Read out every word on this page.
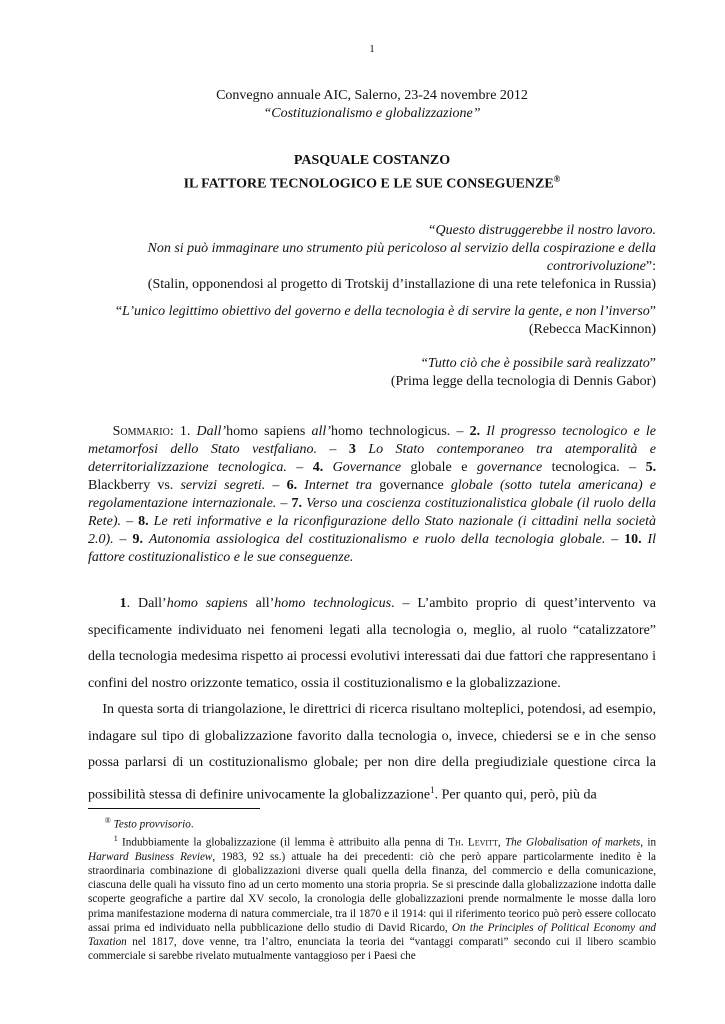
1
Convegno annuale AIC, Salerno, 23-24 novembre 2012
“Costituzionalismo e globalizzazione”
PASQUALE COSTANZO
IL FATTORE TECNOLOGICO E LE SUE CONSEGUENZE®
“Questo distruggerebbe il nostro lavoro.
Non si può immaginare uno strumento più pericoloso al servizio della cospirazione e della
controrivoluzione”:
(Stalin, opponendosi al progetto di Trotskij d’installazione di una rete telefonica in Russia)
“L’unico legittimo obiettivo del governo e della tecnologia è di servire la gente, e non l’inverso”
(Rebecca MacKinnon)
“Tutto ciò che è possibile sarà realizzato”
(Prima legge della tecnologia di Dennis Gabor)
Sommario: 1. Dall’homo sapiens all’homo technologicus. – 2. Il progresso tecnologico e le metamorfosi dello Stato vestfaliano. – 3 Lo Stato contemporaneo tra atemporalità e deterritorializzazione tecnologica. – 4. Governance globale e governance tecnologica. – 5. Blackberry vs. servizi segreti. – 6. Internet tra governance globale (sotto tutela americana) e regolamentazione internazionale. – 7. Verso una coscienza costituzionalistica globale (il ruolo della Rete). – 8. Le reti informative e la riconfigurazione dello Stato nazionale (i cittadini nella società 2.0). – 9. Autonomia assiologica del costituzionalismo e ruolo della tecnologia globale. – 10. Il fattore costituzionalistico e le sue conseguenze.

1. Dall’homo sapiens all’homo technologicus. – L’ambito proprio di quest’intervento va specificamente individuato nei fenomeni legati alla tecnologia o, meglio, al ruolo “catalizzatore” della tecnologia medesima rispetto ai processi evolutivi interessati dai due fattori che rappresentano i confini del nostro orizzonte tematico, ossia il costituzionalismo e la globalizzazione.

In questa sorta di triangolazione, le direttrici di ricerca risultano molteplici, potendosi, ad esempio, indagare sul tipo di globalizzazione favorito dalla tecnologia o, invece, chiedersi se e in che senso possa parlarsi di un costituzionalismo globale; per non dire della pregiudiziale questione circa la possibilità stessa di definire univocamente la globalizzazione$^1$. Per quanto qui, però, più da

® Testo provvisorio.

$^1$ Indubbiamente la globalizzazione (il lemma è attribuito alla penna di Th. Levitt, The Globalisation of markets, in Harward Business Review, 1983, 92 ss.) attuale ha dei precedenti: ciò che però appare particolarmente inedito è la straordinaria combinazione di globalizzazioni diverse quali quella della finanza, del commercio e della comunicazione, ciascuna delle quali ha vissuto fino ad un certo momento una storia propria. Se si prescinde dalla globalizzazione indotta dalle scoperte geografiche a partire dal XV secolo, la cronologia delle globalizzazioni prende normalmente le mosse dalla loro prima manifestazione moderna di natura commerciale, tra il 1870 e il 1914: qui il riferimento teorico può però essere collocato assai prima ed individuato nella pubblicazione dello studio di David Ricardo, On the Principles of Political Economy and Taxation nel 1817, dove venne, tra l’altro, enunciata la teoria dei “vantaggi comparati” secondo cui il libero scambio commerciale si sarebbe rivelato mutualmente vantaggioso per i Paesi che
